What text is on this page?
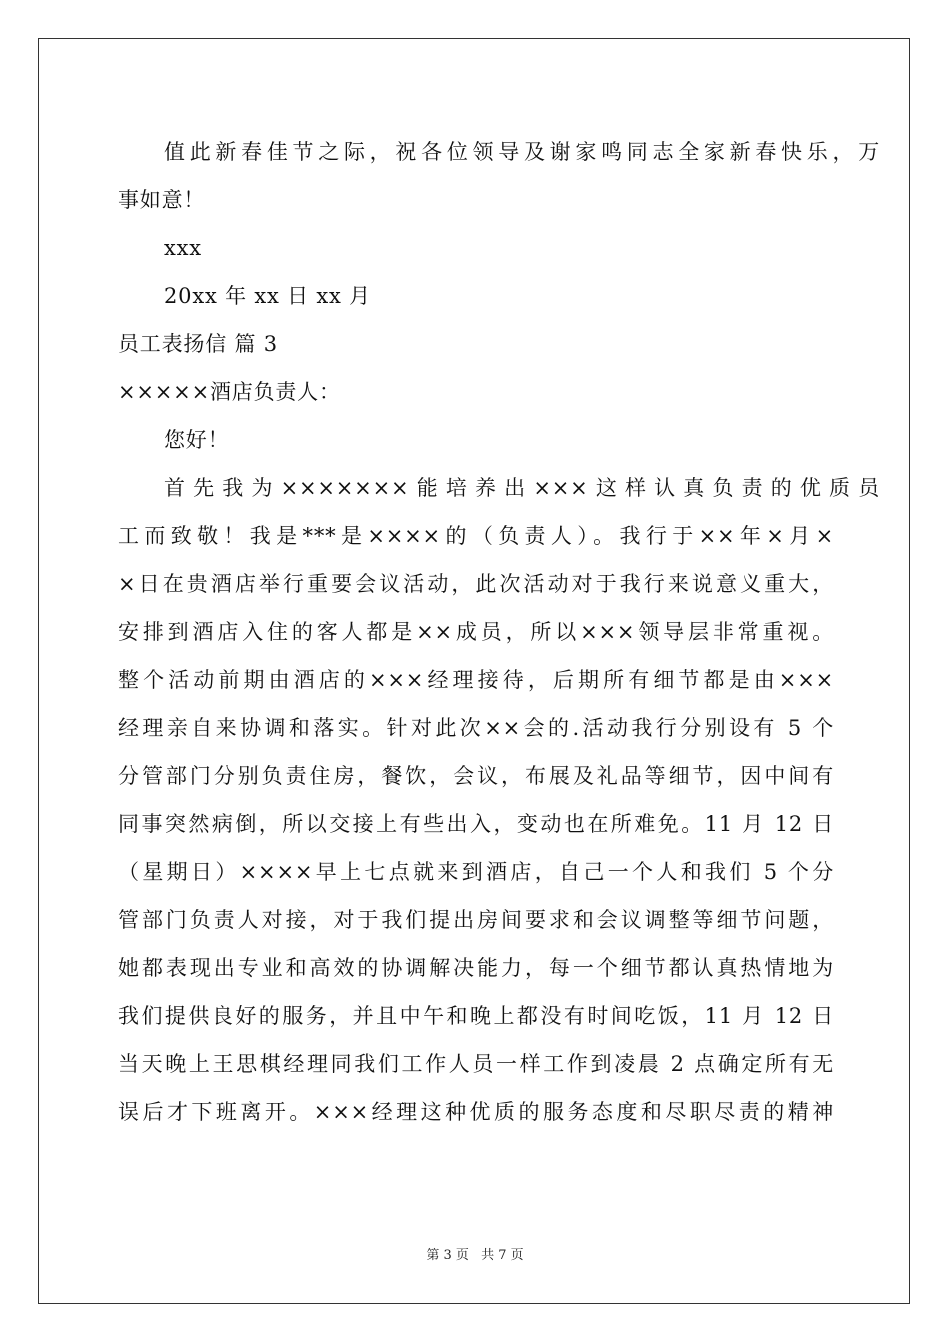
值此新春佳节之际，祝各位领导及谢家鸣同志全家新春快乐，万
事如意！
xxx
20xx 年 xx 日 xx 月
员工表扬信 篇 3
×××××酒店负责人：
您好！
首先我为×××××××能培养出×××这样认真负责的优质员
工而致敬！我是***是××××的（负责人）。我行于××年×月×
×日在贵酒店举行重要会议活动，此次活动对于我行来说意义重大，
安排到酒店入住的客人都是××成员，所以×××领导层非常重视。
整个活动前期由酒店的×××经理接待，后期所有细节都是由×××
经理亲自来协调和落实。针对此次××会的.活动我行分别设有 5 个
分管部门分别负责住房，餐饮，会议，布展及礼品等细节，因中间有
同事突然病倒，所以交接上有些出入，变动也在所难免。11 月 12 日
（星期日）××××早上七点就来到酒店，自己一个人和我们 5 个分
管部门负责人对接，对于我们提出房间要求和会议调整等细节问题，
她都表现出专业和高效的协调解决能力，每一个细节都认真热情地为
我们提供良好的服务，并且中午和晚上都没有时间吃饭，11 月 12 日
当天晚上王思棋经理同我们工作人员一样工作到凌晨 2 点确定所有无
误后才下班离开。×××经理这种优质的服务态度和尽职尽责的精神
第 3 页 共 7 页
